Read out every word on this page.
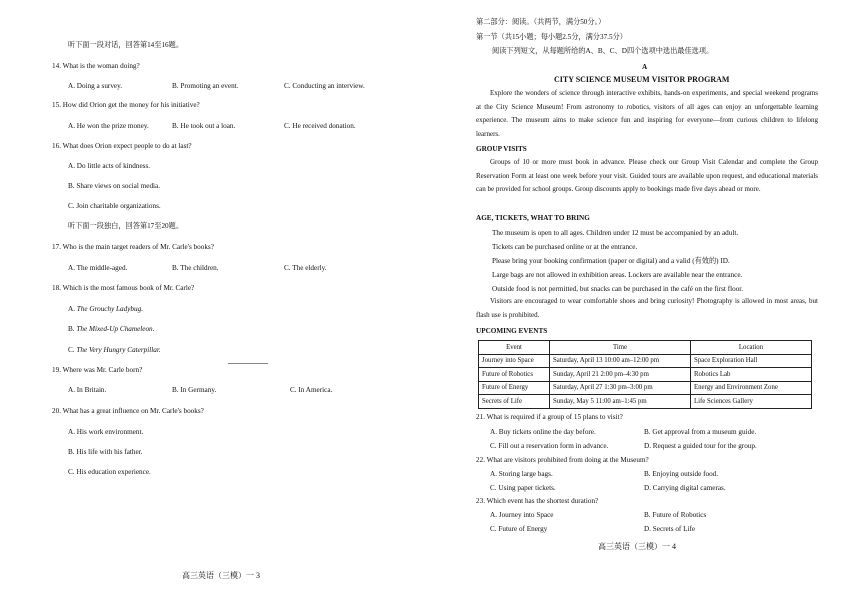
听下面一段对话，回答第14至16题。
14. What is the woman doing?
A. Doing a survey.	B. Promoting an event.	C. Conducting an interview.
15. How did Orion get the money for his initiative?
A. He won the prize money.	B. He took out a loan.	C. He received donation.
16. What does Orion expect people to do at last?
A. Do little acts of kindness.
B. Share views on social media.
C. Join charitable organizations.
听下面一段独白，回答第17至20题。
17. Who is the main target readers of Mr. Carle's books?
A. The middle-aged.	B. The children.	C. The elderly.
18. Which is the most famous book of Mr. Carle?
A. The Grouchy Ladybug.
B. The Mixed-Up Chameleon.
C. The Very Hungry Caterpillar.
19. Where was Mr. Carle born?
A. In Britain.	B. In Germany.	C. In America.
20. What has a great influence on Mr. Carle's books?
A. His work environment.
B. His life with his father.
C. His education experience.
高三英语（三模）一 3
第二部分：阅读。（共两节，满分50分。）
第一节（共15小题；每小题2.5分，满分37.5分）
阅读下列短文，从每题所给的A、B、C、D四个选项中选出最佳选项。
A
CITY SCIENCE MUSEUM VISITOR PROGRAM
Explore the wonders of science through interactive exhibits, hands-on experiments, and special weekend programs at the City Science Museum! From astronomy to robotics, visitors of all ages can enjoy an unforgettable learning experience. The museum aims to make science fun and inspiring for everyone—from curious children to lifelong learners.
GROUP VISITS
Groups of 10 or more must book in advance. Please check our Group Visit Calendar and complete the Group Reservation Form at least one week before your visit. Guided tours are available upon request, and educational materials can be provided for school groups. Group discounts apply to bookings made five days ahead or more.
AGE, TICKETS, WHAT TO BRING
The museum is open to all ages. Children under 12 must be accompanied by an adult.
Tickets can be purchased online or at the entrance.
Please bring your booking confirmation (paper or digital) and a valid (有效的) ID.
Large bags are not allowed in exhibition areas. Lockers are available near the entrance.
Outside food is not permitted, but snacks can be purchased in the café on the first floor.
Visitors are encouraged to wear comfortable shoes and bring curiosity! Photography is allowed in most areas, but flash use is prohibited.
UPCOMING EVENTS
Event	Time	Location
Journey into Space	Saturday, April 13 10:00 am–12:00 pm	Space Exploration Hall
Future of Robotics	Sunday, April 21 2:00 pm–4:30 pm	Robotics Lab
Future of Energy	Saturday, April 27 1:30 pm–3:00 pm	Energy and Environment Zone
Secrets of Life	Sunday, May 5 11:00 am–1:45 pm	Life Sciences Gallery
21. What is required if a group of 15 plans to visit?
A. Buy tickets online the day before.	B. Get approval from a museum guide.
C. Fill out a reservation form in advance.	D. Request a guided tour for the group.
22. What are visitors prohibited from doing at the Museum?
A. Storing large bags.	B. Enjoying outside food.
C. Using paper tickets.	D. Carrying digital cameras.
23. Which event has the shortest duration?
A. Journey into Space	B. Future of Robotics
C. Future of Energy	D. Secrets of Life
高三英语（三模）一 4
